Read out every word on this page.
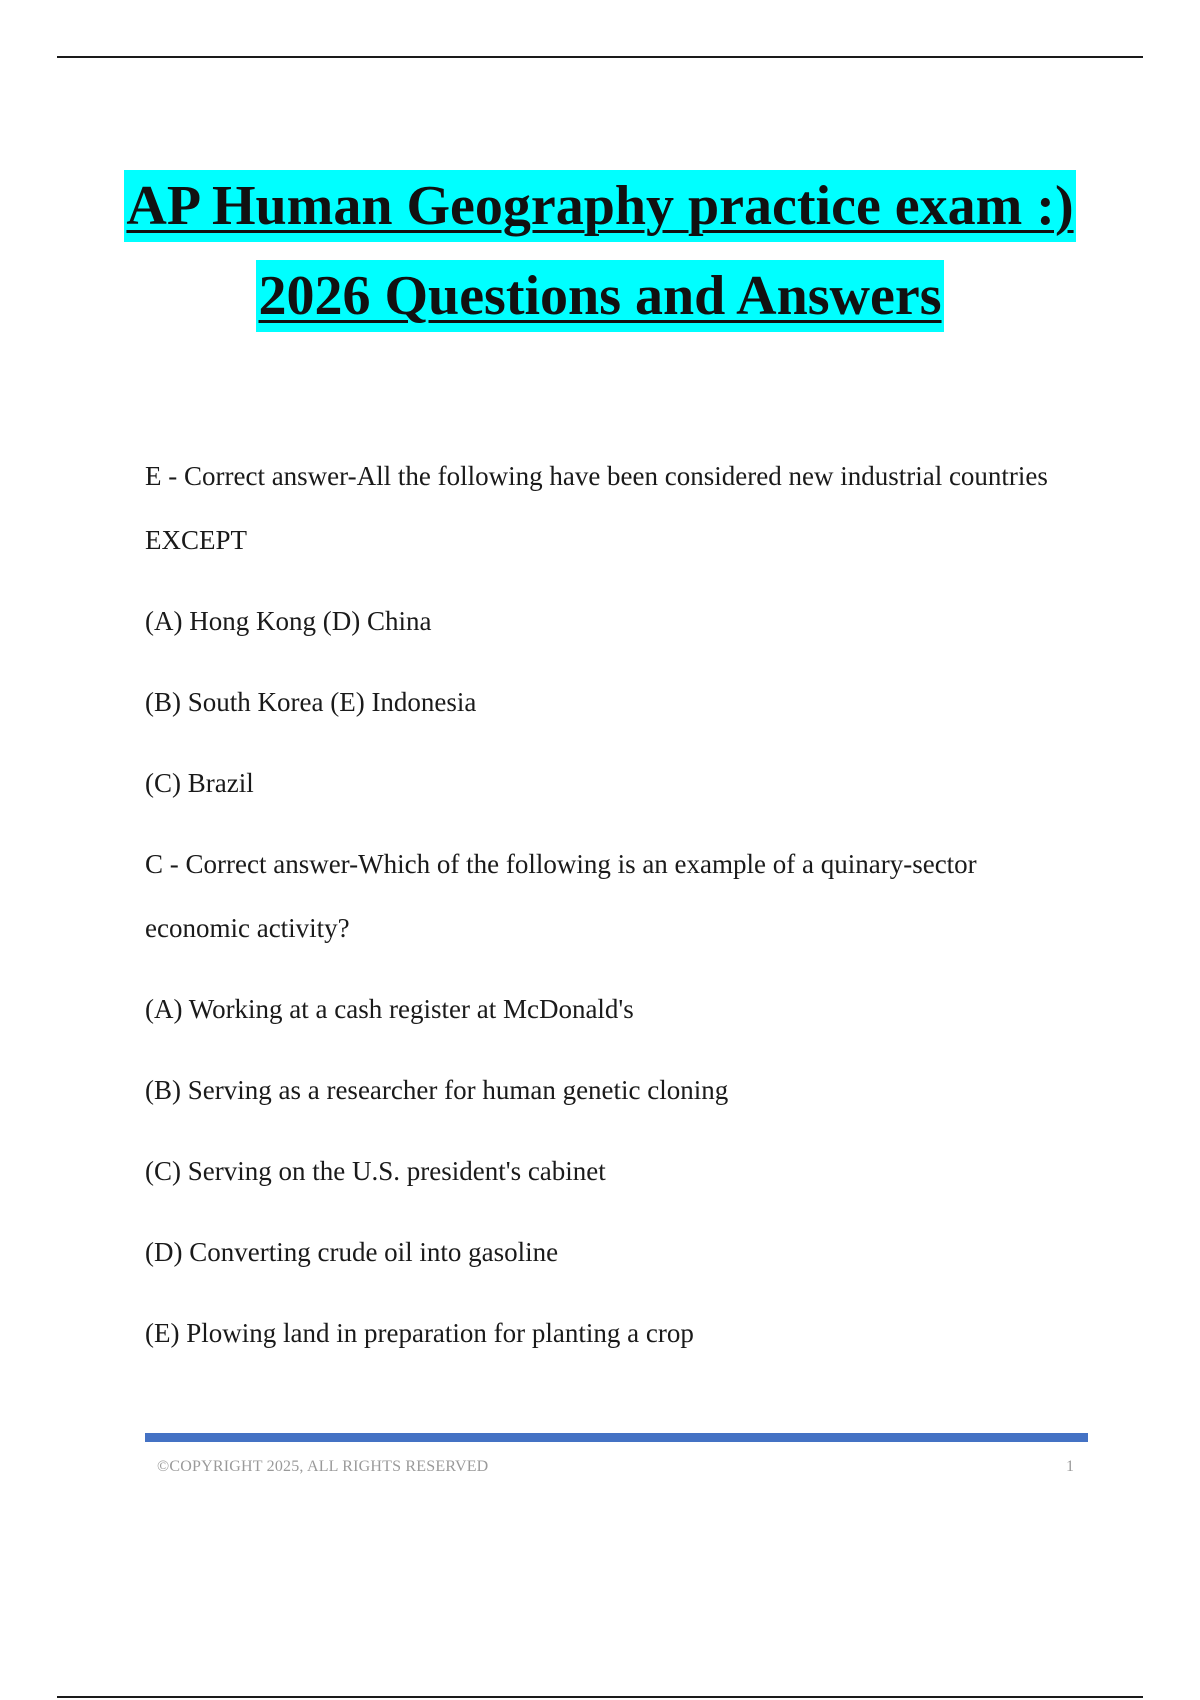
AP Human Geography practice exam :)
2026 Questions and Answers

E - Correct answer-All the following have been considered new industrial countries EXCEPT

(A) Hong Kong (D) China

(B) South Korea (E) Indonesia

(C) Brazil

C - Correct answer-Which of the following is an example of a quinary-sector economic activity?

(A) Working at a cash register at McDonald's

(B) Serving as a researcher for human genetic cloning

(C) Serving on the U.S. president's cabinet

(D) Converting crude oil into gasoline

(E) Plowing land in preparation for planting a crop

©COPYRIGHT 2025, ALL RIGHTS RESERVED	1
